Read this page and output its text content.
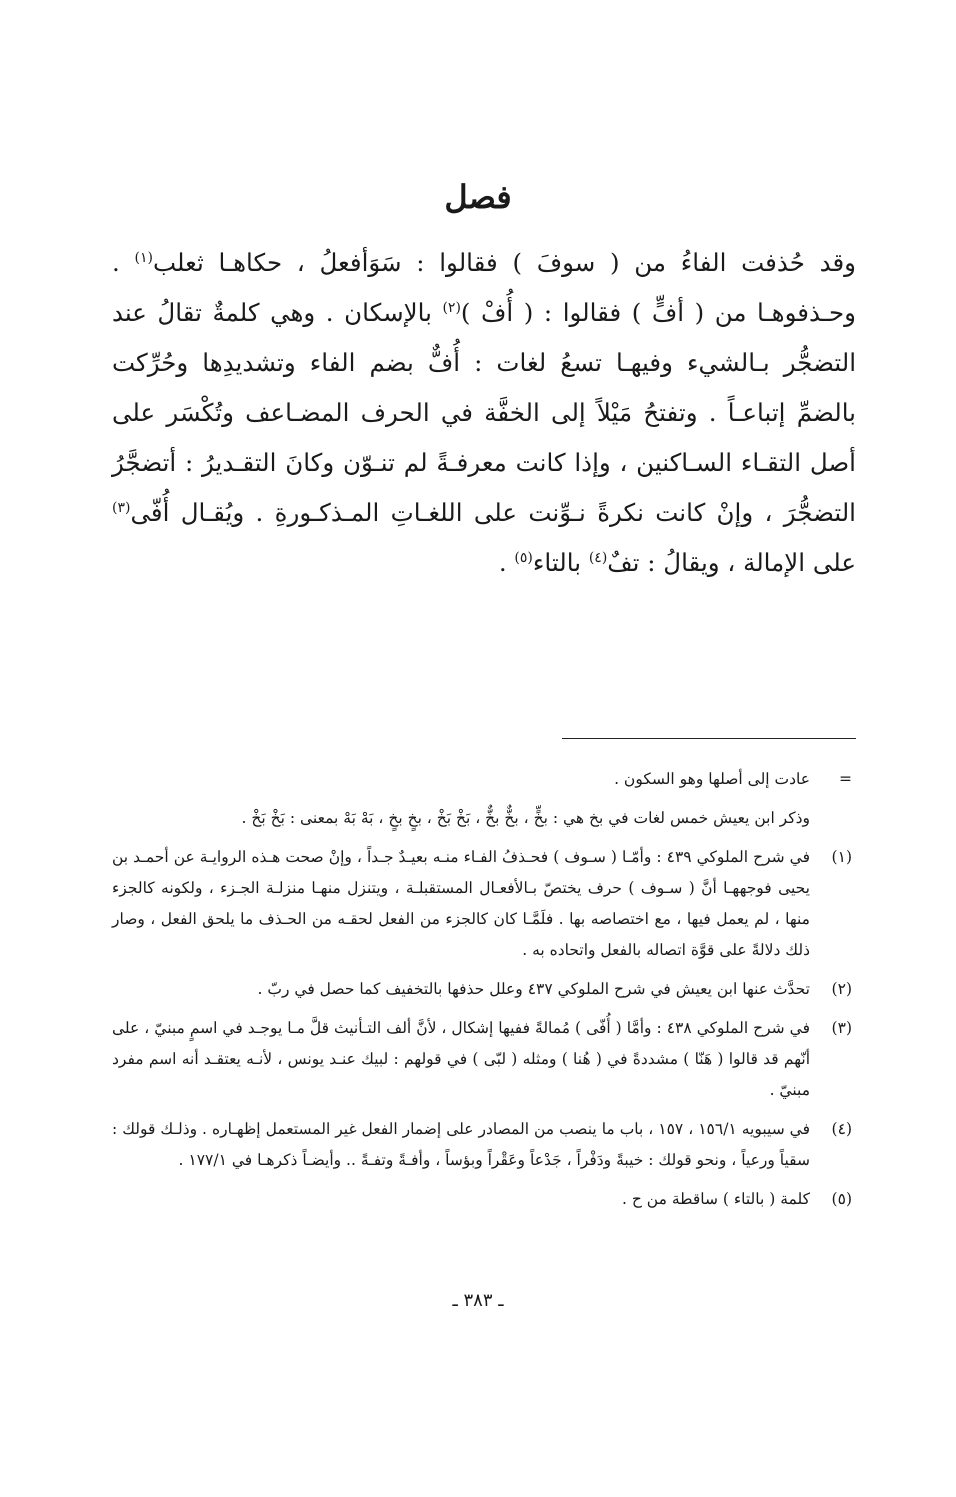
فصل

وقد حُذفت الفاءُ من ( سوفَ ) فقالوا : سَوَأفعلُ ، حكاهـا ثعلب$^{(١)}$ . وحـذفوهـا من ( أفٍّ ) فقالوا : ( أُفْ )$^{(٢)}$ بالإسكان . وهي كلمةٌ تقالُ عند التضجُّر بـالشيء وفيهـا تسعُ لغات : أُفٌّ بضم الفاء وتشديدِها وحُرِّكت بالضمِّ إتباعـاً . وتفتحُ مَيْلاً إلى الخفَّة في الحرف المضـاعف وتُكْسَر على أصل التقـاء السـاكنين ، وإذا كانت معرفـةً لم تنـوّن وكانَ التقـديرُ : أتضجَّرُ التضجُّرَ ، وإنْ كانت نكرةً نـوِّنت على اللغـاتِ المـذكـورةِ . ويُقـال أُفّى$^{(٣)}$ على الإمالة ، ويقالُ : تفٌ$^{(٤)}$ بالتاء$^{(٥)}$ .

=
عادت إلى أصلها وهو السكون .
وذكر ابن يعيش خمس لغات في بخ هي : بخٍّ ، بخٌّ بخٌّ ، بَخْ بَخْ ، بخٍ بخٍ ، بَهْ بَهْ بمعنى : بَخْ بَخْ .
(١)
في شرح الملوكي ٤٣٩ : وأمّـا ( سـوف ) فحـذفُ الفـاء منـه بعيـدٌ جـداً ، وإنْ صحت هـذه الروايـة عن أحمـد بن يحيى فوجههـا أنَّ ( سـوف ) حرف يختصّ بـالأفعـال المستقبلـة ، ويتنزل منهـا منزلـة الجـزء ، ولكونه كالجزء منها ، لم يعمل فيها ، مع اختصاصه بها . فلَمَّـا كان كالجزء من الفعل لحقـه من الحـذف ما يلحق الفعل ، وصار ذلك دلالةً على قوَّة اتصاله بالفعل واتحاده به .
(٢)
تحدَّث عنها ابن يعيش في شرح الملوكي ٤٣٧ وعلل حذفها بالتخفيف كما حصل في ربّ .
(٣)
في شرح الملوكي ٤٣٨ : وأمَّا ( أُفّى ) مُمالةً ففيها إشكال ، لأنَّ ألف التـأنيث قلَّ مـا يوجـد في اسمٍ مبنيّ ، على أنّهم قد قالوا ( هَنّا ) مشددةً في ( هُنا ) ومثله ( لبّى ) في قولهم : لبيك عنـد يونس ، لأنـه يعتقـد أنه اسم مفرد مبنيّ .
(٤)
في سيبويه ١٥٦/١ ، ١٥٧ ، باب ما ينصب من المصادر على إضمار الفعل غير المستعمل إظهـاره . وذلـك قولك : سقياً ورعياً ، ونحو قولك : خيبةً ودَفْراً ، جَدْعاً وعَقْراً وبؤساً ، وأفـةً وتفـةً .. وأيضـاً ذكرهـا في ١٧٧/١ .
(٥)
كلمة ( بالتاء ) ساقطة من ح .
ـ ٣٨٣ ـ
